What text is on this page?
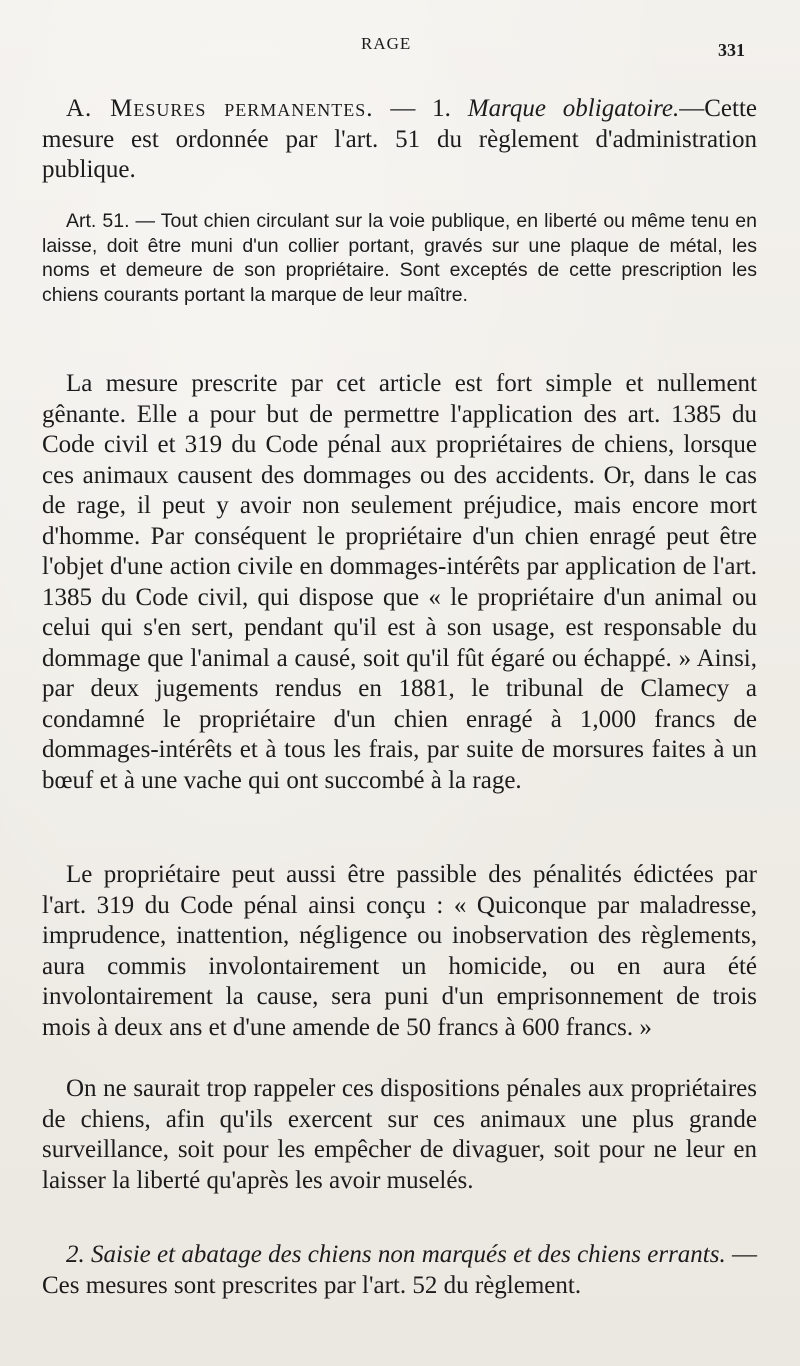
RAGE	331

A. Mesures permanentes. — 1. Marque obligatoire.—Cette mesure est ordonnée par l'art. 51 du règlement d'administration publique.

Art. 51. — Tout chien circulant sur la voie publique, en liberté ou même tenu en laisse, doit être muni d'un collier portant, gravés sur une plaque de métal, les noms et demeure de son propriétaire. Sont exceptés de cette prescription les chiens courants portant la marque de leur maître.

La mesure prescrite par cet article est fort simple et nullement gênante. Elle a pour but de permettre l'application des art. 1385 du Code civil et 319 du Code pénal aux propriétaires de chiens, lorsque ces animaux causent des dommages ou des accidents. Or, dans le cas de rage, il peut y avoir non seulement préjudice, mais encore mort d'homme. Par conséquent le propriétaire d'un chien enragé peut être l'objet d'une action civile en dommages-intérêts par application de l'art. 1385 du Code civil, qui dispose que « le propriétaire d'un animal ou celui qui s'en sert, pendant qu'il est à son usage, est responsable du dommage que l'animal a causé, soit qu'il fût égaré ou échappé. » Ainsi, par deux jugements rendus en 1881, le tribunal de Clamecy a condamné le propriétaire d'un chien enragé à 1,000 francs de dommages-intérêts et à tous les frais, par suite de morsures faites à un bœuf et à une vache qui ont succombé à la rage.

Le propriétaire peut aussi être passible des pénalités édictées par l'art. 319 du Code pénal ainsi conçu : « Quiconque par maladresse, imprudence, inattention, négligence ou inobservation des règlements, aura commis involontairement un homicide, ou en aura été involontairement la cause, sera puni d'un emprisonnement de trois mois à deux ans et d'une amende de 50 francs à 600 francs. »

On ne saurait trop rappeler ces dispositions pénales aux propriétaires de chiens, afin qu'ils exercent sur ces animaux une plus grande surveillance, soit pour les empêcher de divaguer, soit pour ne leur en laisser la liberté qu'après les avoir muselés.

2. Saisie et abatage des chiens non marqués et des chiens errants. — Ces mesures sont prescrites par l'art. 52 du règlement.
